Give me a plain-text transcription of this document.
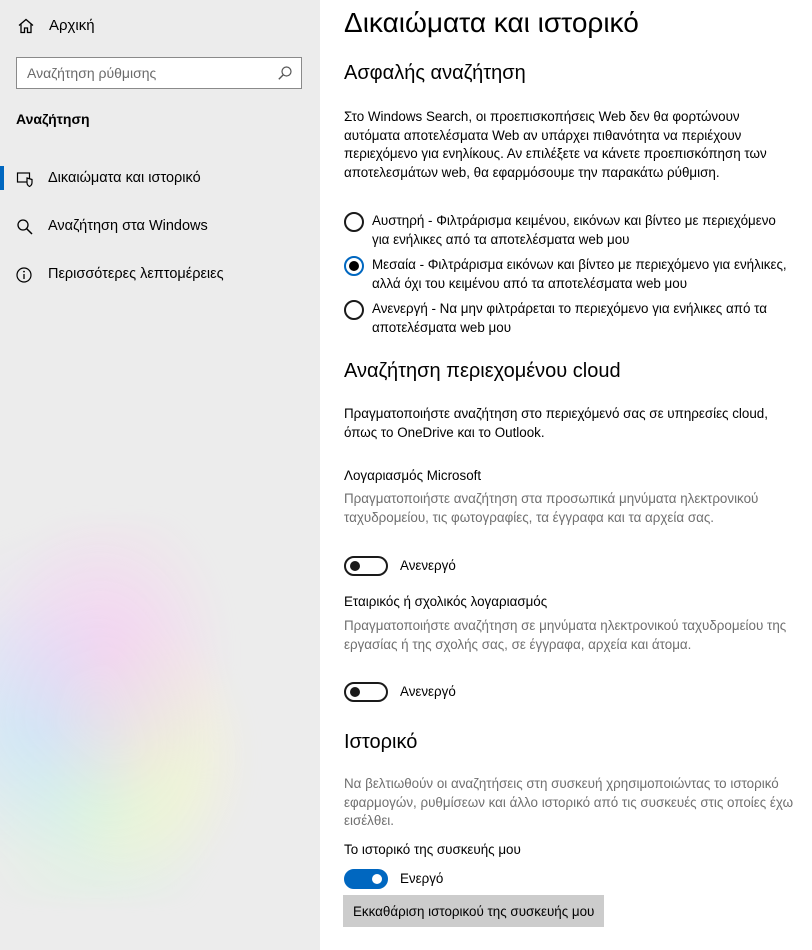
Αρχική
Αναζήτηση ρύθμισης
Αναζήτηση
Δικαιώματα και ιστορικό
Αναζήτηση στα Windows
Περισσότερες λεπτομέρειες
Δικαιώματα και ιστορικό
Ασφαλής αναζήτηση
Στο Windows Search, οι προεπισκοπήσεις Web δεν θα φορτώνουν αυτόματα αποτελέσματα Web αν υπάρχει πιθανότητα να περιέχουν περιεχόμενο για ενηλίκους. Αν επιλέξετε να κάνετε προεπισκόπηση των αποτελεσμάτων web, θα εφαρμόσουμε την παρακάτω ρύθμιση.
Αυστηρή - Φιλτράρισμα κειμένου, εικόνων και βίντεο με περιεχόμενο για ενήλικες από τα αποτελέσματα web μου
Μεσαία - Φιλτράρισμα εικόνων και βίντεο με περιεχόμενο για ενήλικες, αλλά όχι του κειμένου από τα αποτελέσματα web μου
Ανενεργή - Να μην φιλτράρεται το περιεχόμενο για ενήλικες από τα αποτελέσματα web μου
Αναζήτηση περιεχομένου cloud
Πραγματοποιήστε αναζήτηση στο περιεχόμενό σας σε υπηρεσίες cloud, όπως το OneDrive και το Outlook.
Λογαριασμός Microsoft
Πραγματοποιήστε αναζήτηση στα προσωπικά μηνύματα ηλεκτρονικού ταχυδρομείου, τις φωτογραφίες, τα έγγραφα και τα αρχεία σας.
Ανενεργό
Εταιρικός ή σχολικός λογαριασμός
Πραγματοποιήστε αναζήτηση σε μηνύματα ηλεκτρονικού ταχυδρομείου της εργασίας ή της σχολής σας, σε έγγραφα, αρχεία και άτομα.
Ανενεργό
Ιστορικό
Να βελτιωθούν οι αναζητήσεις στη συσκευή χρησιμοποιώντας το ιστορικό εφαρμογών, ρυθμίσεων και άλλο ιστορικό από τις συσκευές στις οποίες έχω εισέλθει.
Το ιστορικό της συσκευής μου
Ενεργό
Εκκαθάριση ιστορικού της συσκευής μου
